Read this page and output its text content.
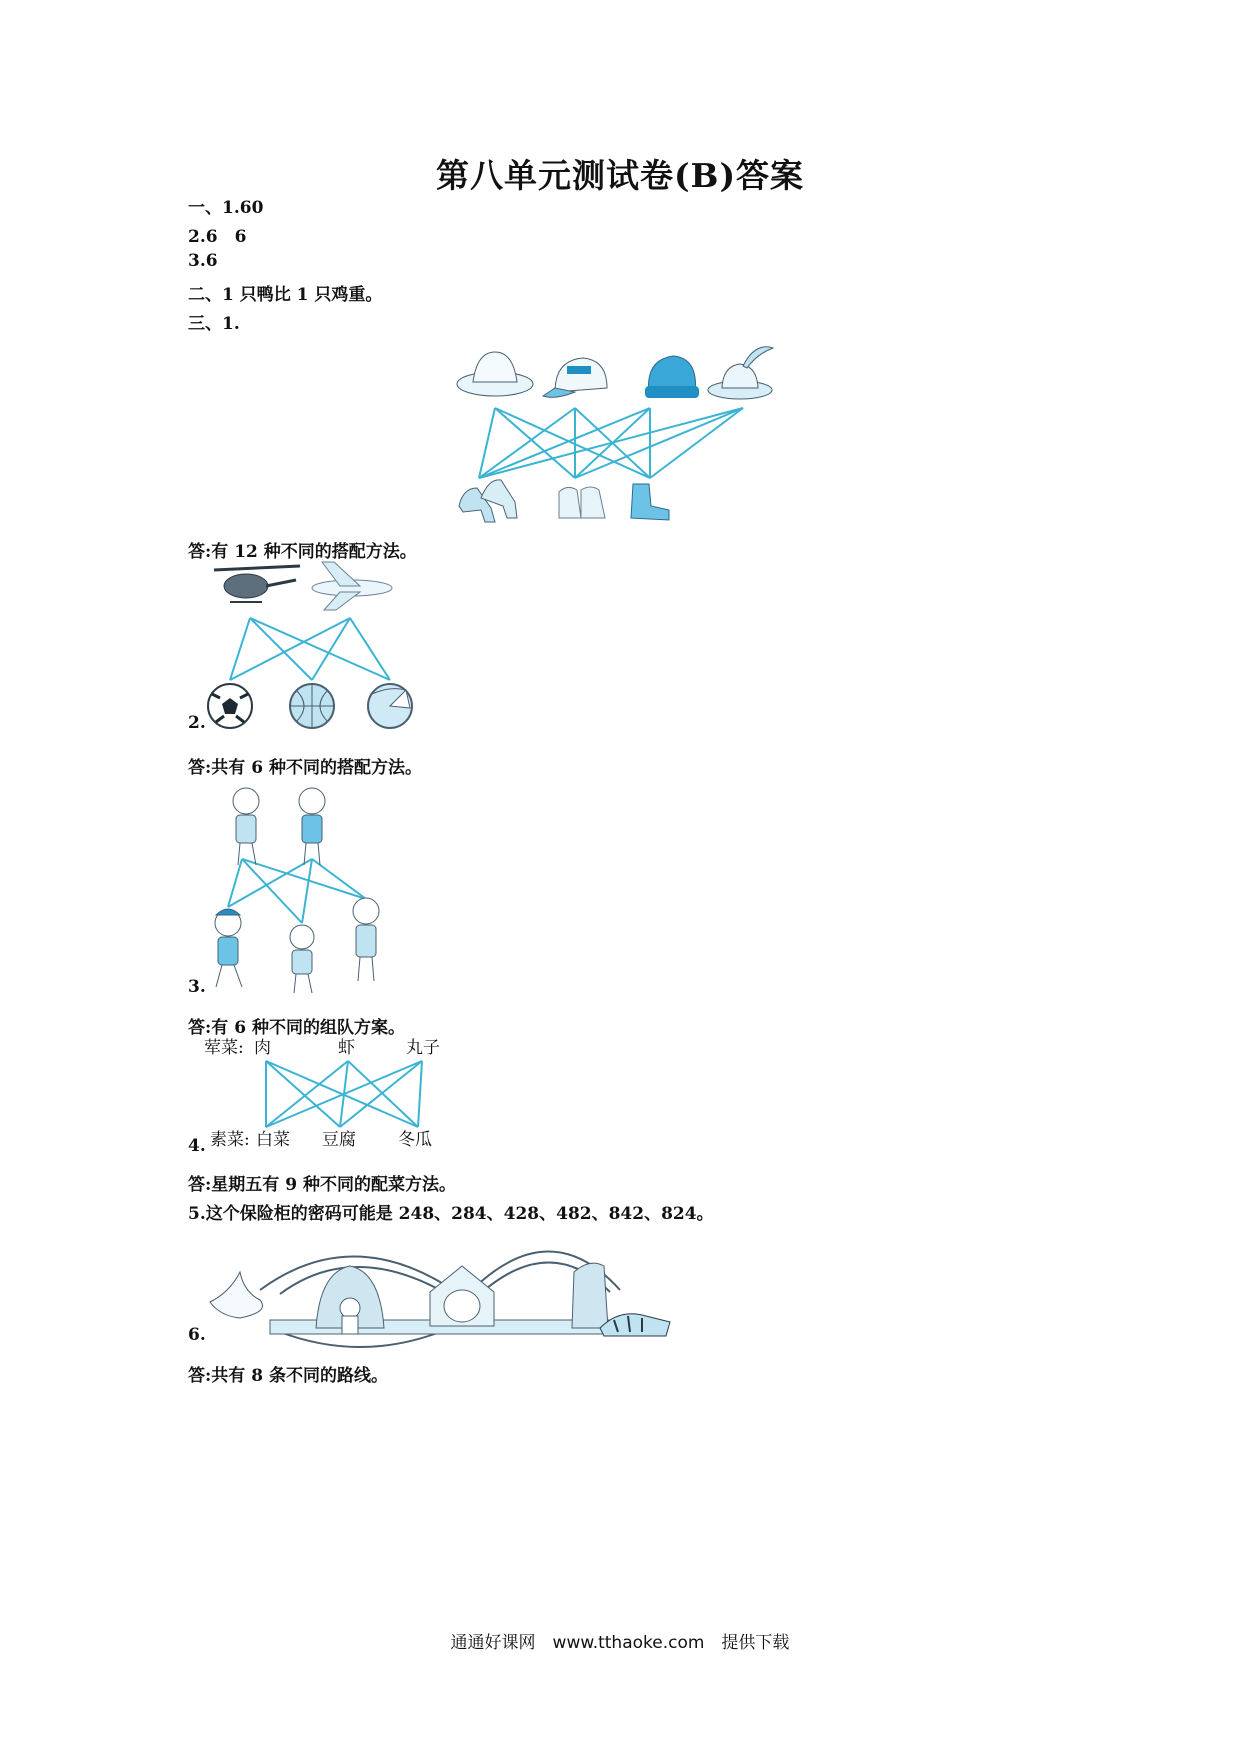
第八单元测试卷(B)答案
一、1.60
2.6　6
3.6
二、1 只鸭比 1 只鸡重。
三、1.
答:有 12 种不同的搭配方法。
2.
答:共有 6 种不同的搭配方法。
3.
答:有 6 种不同的组队方案。
荤菜: 肉	虾	丸子
素菜: 白菜 豆腐 冬瓜
4.
答:星期五有 9 种不同的配菜方法。
5.这个保险柜的密码可能是 248、284、428、482、842、824。
6.
答:共有 8 条不同的路线。
通通好课网　www.tthaoke.com　提供下载
